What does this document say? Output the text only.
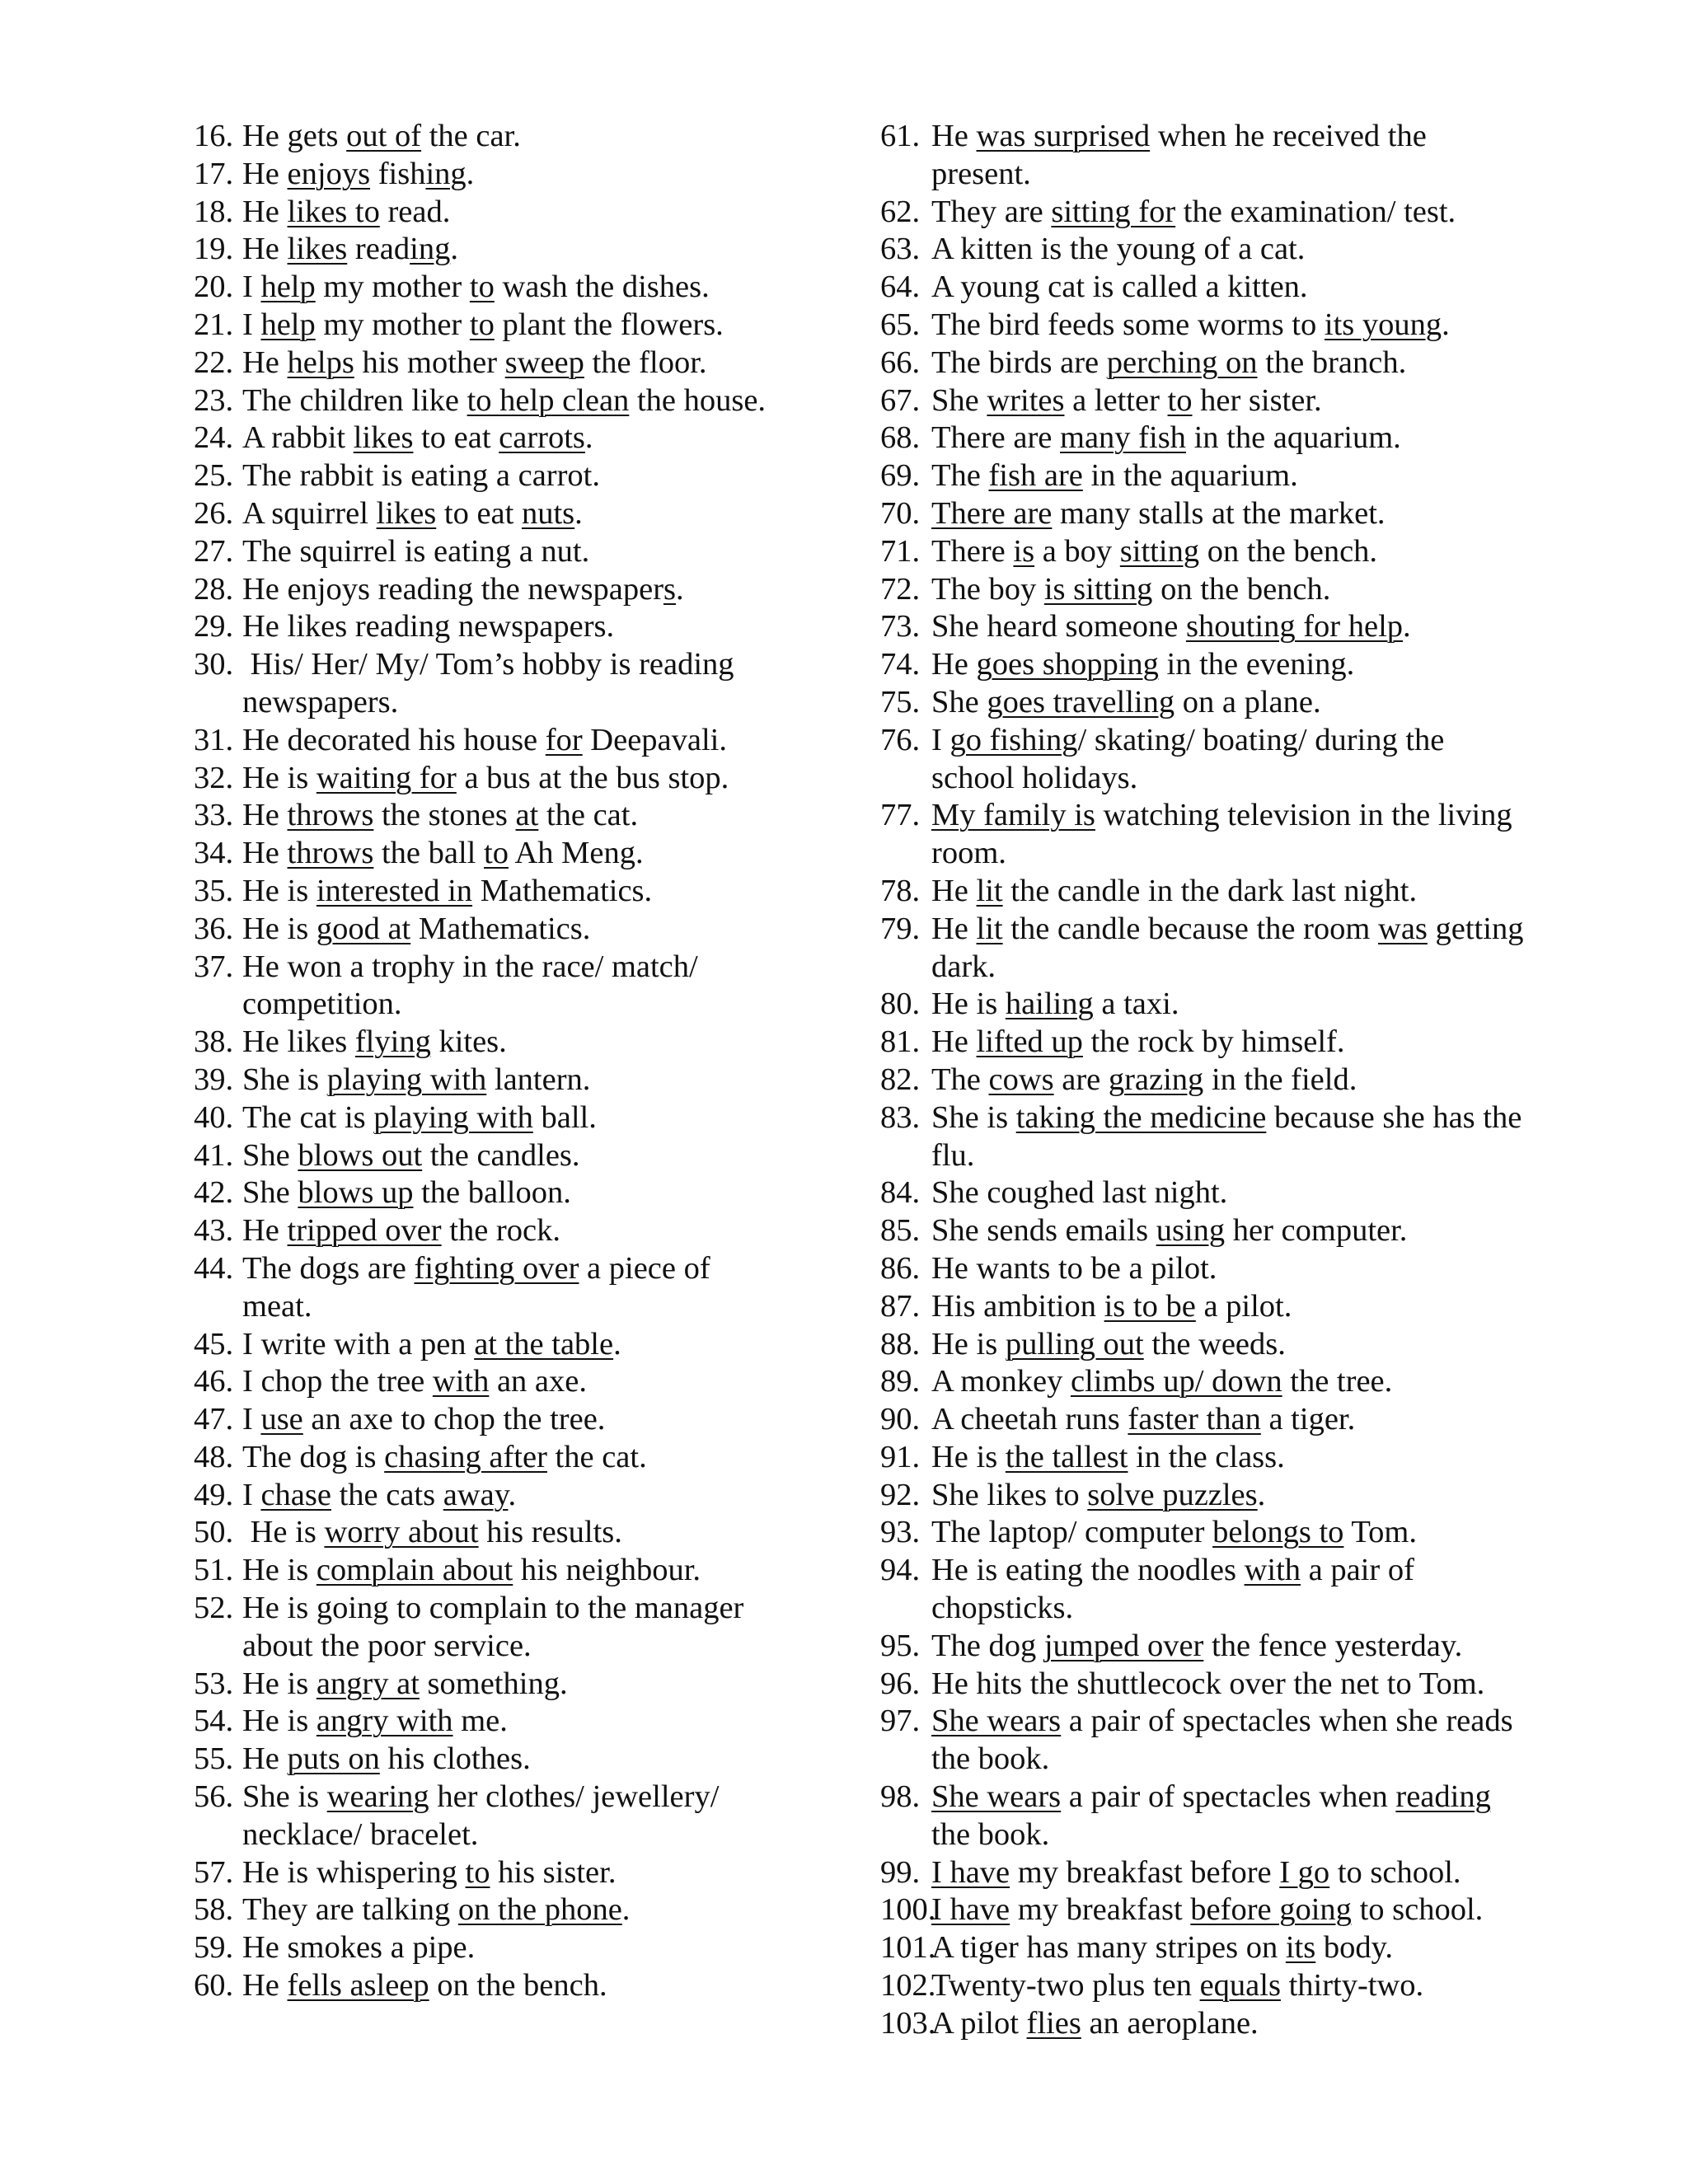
16. He gets out of the car.
17. He enjoys fishing.
18. He likes to read.
19. He likes reading.
20. I help my mother to wash the dishes.
21. I help my mother to plant the flowers.
22. He helps his mother sweep the floor.
23. The children like to help clean the house.
24. A rabbit likes to eat carrots.
25. The rabbit is eating a carrot.
26. A squirrel likes to eat nuts.
27. The squirrel is eating a nut.
28. He enjoys reading the newspapers.
29. He likes reading newspapers.
30. His/ Her/ My/ Tom’s hobby is reading
newspapers.
31. He decorated his house for Deepavali.
32. He is waiting for a bus at the bus stop.
33. He throws the stones at the cat.
34. He throws the ball to Ah Meng.
35. He is interested in Mathematics.
36. He is good at Mathematics.
37. He won a trophy in the race/ match/
competition.
38. He likes flying kites.
39. She is playing with lantern.
40. The cat is playing with ball.
41. She blows out the candles.
42. She blows up the balloon.
43. He tripped over the rock.
44. The dogs are fighting over a piece of
meat.
45. I write with a pen at the table.
46. I chop the tree with an axe.
47. I use an axe to chop the tree.
48. The dog is chasing after the cat.
49. I chase the cats away.
50. He is worry about his results.
51. He is complain about his neighbour.
52. He is going to complain to the manager
about the poor service.
53. He is angry at something.
54. He is angry with me.
55. He puts on his clothes.
56. She is wearing her clothes/ jewellery/
necklace/ bracelet.
57. He is whispering to his sister.
58. They are talking on the phone.
59. He smokes a pipe.
60. He fells asleep on the bench.
61. He was surprised when he received the
present.
62. They are sitting for the examination/ test.
63. A kitten is the young of a cat.
64. A young cat is called a kitten.
65. The bird feeds some worms to its young.
66. The birds are perching on the branch.
67. She writes a letter to her sister.
68. There are many fish in the aquarium.
69. The fish are in the aquarium.
70. There are many stalls at the market.
71. There is a boy sitting on the bench.
72. The boy is sitting on the bench.
73. She heard someone shouting for help.
74. He goes shopping in the evening.
75. She goes travelling on a plane.
76. I go fishing/ skating/ boating/ during the
school holidays.
77. My family is watching television in the living
room.
78. He lit the candle in the dark last night.
79. He lit the candle because the room was getting
dark.
80. He is hailing a taxi.
81. He lifted up the rock by himself.
82. The cows are grazing in the field.
83. She is taking the medicine because she has the
flu.
84. She coughed last night.
85. She sends emails using her computer.
86. He wants to be a pilot.
87. His ambition is to be a pilot.
88. He is pulling out the weeds.
89. A monkey climbs up/ down the tree.
90. A cheetah runs faster than a tiger.
91. He is the tallest in the class.
92. She likes to solve puzzles.
93. The laptop/ computer belongs to Tom.
94. He is eating the noodles with a pair of
chopsticks.
95. The dog jumped over the fence yesterday.
96. He hits the shuttlecock over the net to Tom.
97. She wears a pair of spectacles when she reads
the book.
98. She wears a pair of spectacles when reading
the book.
99. I have my breakfast before I go to school.
100.
I have my breakfast before going to school.
101.
A tiger has many stripes on its body.
102.
Twenty-two plus ten equals thirty-two.
103.
A pilot flies an aeroplane.
